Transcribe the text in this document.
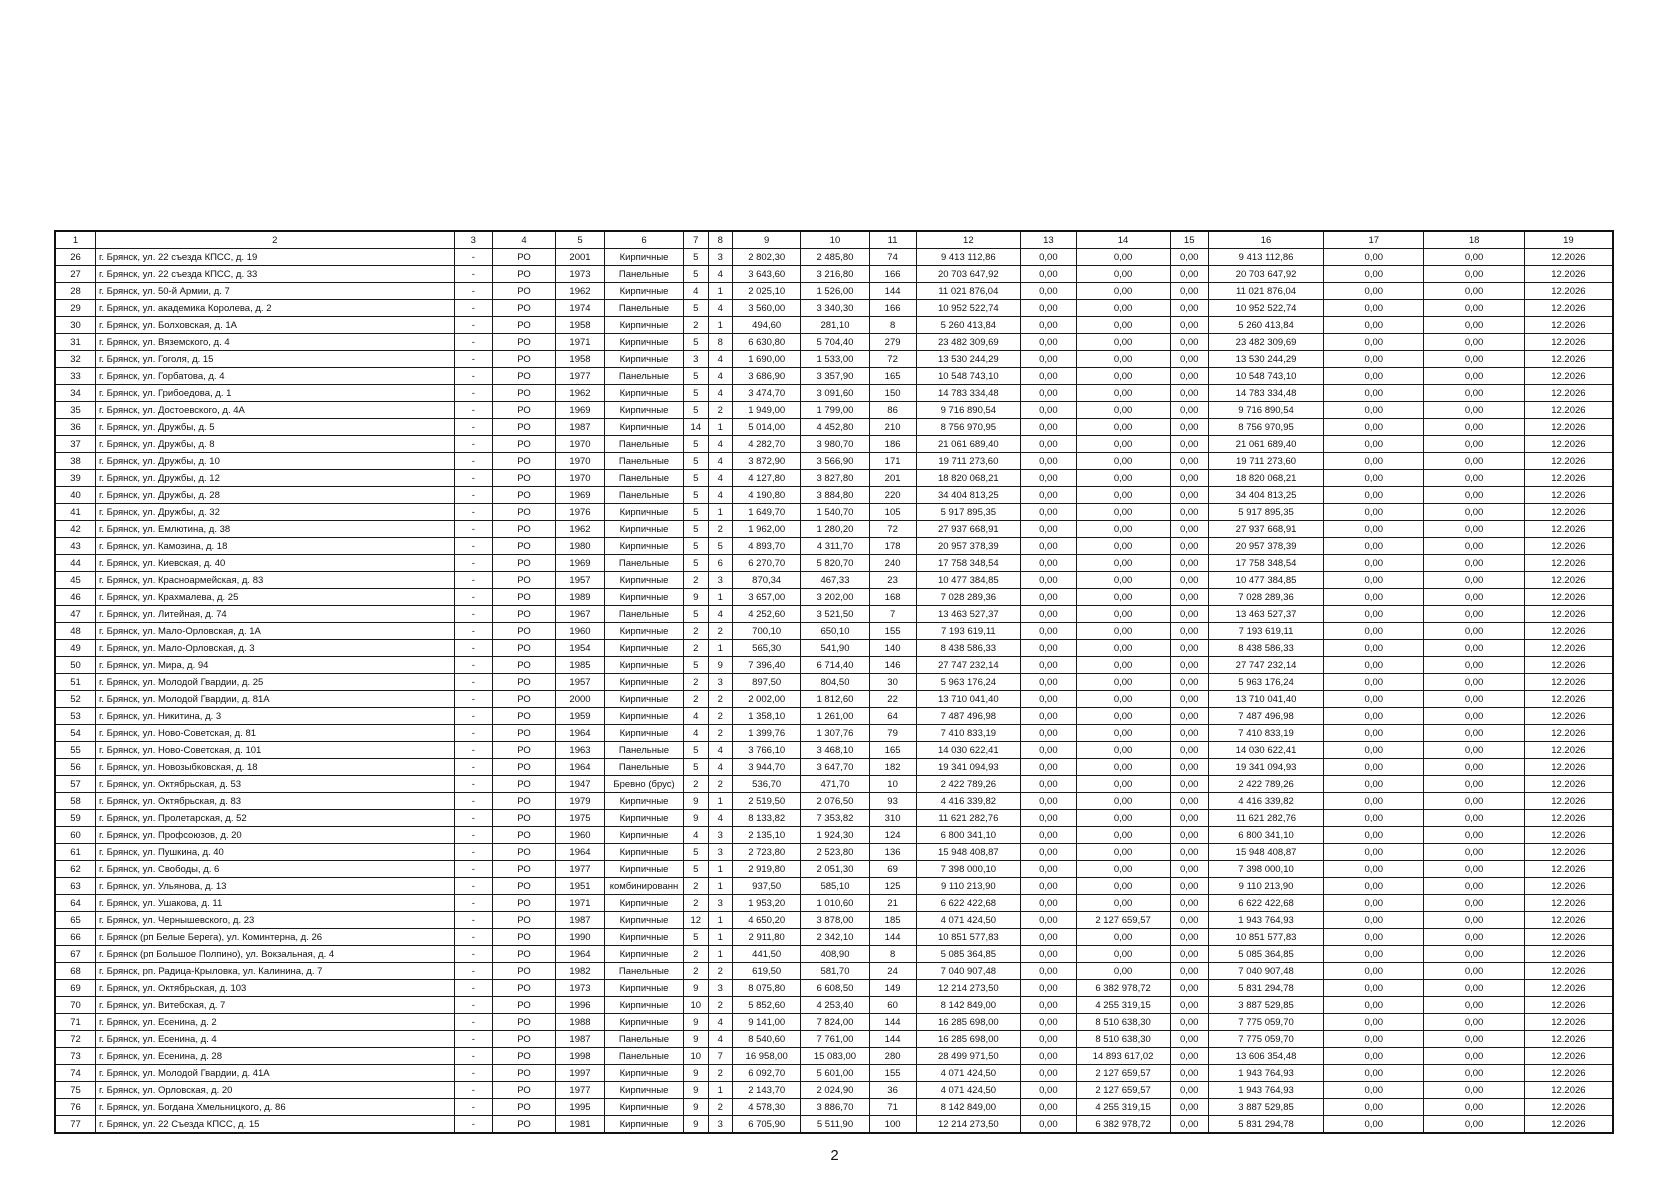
1	2	3	4	5	6	7	8	9	10	11	12	13	14	15	16	17	18	19
26	г. Брянск, ул. 22 съезда КПСС, д. 19	-	РО	2001	Кирпичные	5	3	2 802,30	2 485,80	74	9 413 112,86	0,00	0,00	0,00	9 413 112,86	0,00	0,00	12.2026
27	г. Брянск, ул. 22 съезда КПСС, д. 33	-	РО	1973	Панельные	5	4	3 643,60	3 216,80	166	20 703 647,92	0,00	0,00	0,00	20 703 647,92	0,00	0,00	12.2026
28	г. Брянск, ул. 50-й Армии, д. 7	-	РО	1962	Кирпичные	4	1	2 025,10	1 526,00	144	11 021 876,04	0,00	0,00	0,00	11 021 876,04	0,00	0,00	12.2026
29	г. Брянск, ул. академика Королева, д. 2	-	РО	1974	Панельные	5	4	3 560,00	3 340,30	166	10 952 522,74	0,00	0,00	0,00	10 952 522,74	0,00	0,00	12.2026
30	г. Брянск, ул. Болховская, д. 1А	-	РО	1958	Кирпичные	2	1	494,60	281,10	8	5 260 413,84	0,00	0,00	0,00	5 260 413,84	0,00	0,00	12.2026
31	г. Брянск, ул. Вяземского, д. 4	-	РО	1971	Кирпичные	5	8	6 630,80	5 704,40	279	23 482 309,69	0,00	0,00	0,00	23 482 309,69	0,00	0,00	12.2026
32	г. Брянск, ул. Гоголя, д. 15	-	РО	1958	Кирпичные	3	4	1 690,00	1 533,00	72	13 530 244,29	0,00	0,00	0,00	13 530 244,29	0,00	0,00	12.2026
33	г. Брянск, ул. Горбатова, д. 4	-	РО	1977	Панельные	5	4	3 686,90	3 357,90	165	10 548 743,10	0,00	0,00	0,00	10 548 743,10	0,00	0,00	12.2026
34	г. Брянск, ул. Грибоедова, д. 1	-	РО	1962	Кирпичные	5	4	3 474,70	3 091,60	150	14 783 334,48	0,00	0,00	0,00	14 783 334,48	0,00	0,00	12.2026
35	г. Брянск, ул. Достоевского, д. 4А	-	РО	1969	Кирпичные	5	2	1 949,00	1 799,00	86	9 716 890,54	0,00	0,00	0,00	9 716 890,54	0,00	0,00	12.2026
36	г. Брянск, ул. Дружбы, д. 5	-	РО	1987	Кирпичные	14	1	5 014,00	4 452,80	210	8 756 970,95	0,00	0,00	0,00	8 756 970,95	0,00	0,00	12.2026
37	г. Брянск, ул. Дружбы, д. 8	-	РО	1970	Панельные	5	4	4 282,70	3 980,70	186	21 061 689,40	0,00	0,00	0,00	21 061 689,40	0,00	0,00	12.2026
38	г. Брянск, ул. Дружбы, д. 10	-	РО	1970	Панельные	5	4	3 872,90	3 566,90	171	19 711 273,60	0,00	0,00	0,00	19 711 273,60	0,00	0,00	12.2026
39	г. Брянск, ул. Дружбы, д. 12	-	РО	1970	Панельные	5	4	4 127,80	3 827,80	201	18 820 068,21	0,00	0,00	0,00	18 820 068,21	0,00	0,00	12.2026
40	г. Брянск, ул. Дружбы, д. 28	-	РО	1969	Панельные	5	4	4 190,80	3 884,80	220	34 404 813,25	0,00	0,00	0,00	34 404 813,25	0,00	0,00	12.2026
41	г. Брянск, ул. Дружбы, д. 32	-	РО	1976	Кирпичные	5	1	1 649,70	1 540,70	105	5 917 895,35	0,00	0,00	0,00	5 917 895,35	0,00	0,00	12.2026
42	г. Брянск, ул. Емлютина, д. 38	-	РО	1962	Кирпичные	5	2	1 962,00	1 280,20	72	27 937 668,91	0,00	0,00	0,00	27 937 668,91	0,00	0,00	12.2026
43	г. Брянск, ул. Камозина, д. 18	-	РО	1980	Кирпичные	5	5	4 893,70	4 311,70	178	20 957 378,39	0,00	0,00	0,00	20 957 378,39	0,00	0,00	12.2026
44	г. Брянск, ул. Киевская, д. 40	-	РО	1969	Панельные	5	6	6 270,70	5 820,70	240	17 758 348,54	0,00	0,00	0,00	17 758 348,54	0,00	0,00	12.2026
45	г. Брянск, ул. Красноармейская, д. 83	-	РО	1957	Кирпичные	2	3	870,34	467,33	23	10 477 384,85	0,00	0,00	0,00	10 477 384,85	0,00	0,00	12.2026
46	г. Брянск, ул. Крахмалева, д. 25	-	РО	1989	Кирпичные	9	1	3 657,00	3 202,00	168	7 028 289,36	0,00	0,00	0,00	7 028 289,36	0,00	0,00	12.2026
47	г. Брянск, ул. Литейная, д. 74	-	РО	1967	Панельные	5	4	4 252,60	3 521,50	7	13 463 527,37	0,00	0,00	0,00	13 463 527,37	0,00	0,00	12.2026
48	г. Брянск, ул. Мало-Орловская, д. 1А	-	РО	1960	Кирпичные	2	2	700,10	650,10	155	7 193 619,11	0,00	0,00	0,00	7 193 619,11	0,00	0,00	12.2026
49	г. Брянск, ул. Мало-Орловская, д. 3	-	РО	1954	Кирпичные	2	1	565,30	541,90	140	8 438 586,33	0,00	0,00	0,00	8 438 586,33	0,00	0,00	12.2026
50	г. Брянск, ул. Мира, д. 94	-	РО	1985	Кирпичные	5	9	7 396,40	6 714,40	146	27 747 232,14	0,00	0,00	0,00	27 747 232,14	0,00	0,00	12.2026
51	г. Брянск, ул. Молодой Гвардии, д. 25	-	РО	1957	Кирпичные	2	3	897,50	804,50	30	5 963 176,24	0,00	0,00	0,00	5 963 176,24	0,00	0,00	12.2026
52	г. Брянск, ул. Молодой Гвардии, д. 81А	-	РО	2000	Кирпичные	2	2	2 002,00	1 812,60	22	13 710 041,40	0,00	0,00	0,00	13 710 041,40	0,00	0,00	12.2026
53	г. Брянск, ул. Никитина, д. 3	-	РО	1959	Кирпичные	4	2	1 358,10	1 261,00	64	7 487 496,98	0,00	0,00	0,00	7 487 496,98	0,00	0,00	12.2026
54	г. Брянск, ул. Ново-Советская, д. 81	-	РО	1964	Кирпичные	4	2	1 399,76	1 307,76	79	7 410 833,19	0,00	0,00	0,00	7 410 833,19	0,00	0,00	12.2026
55	г. Брянск, ул. Ново-Советская, д. 101	-	РО	1963	Панельные	5	4	3 766,10	3 468,10	165	14 030 622,41	0,00	0,00	0,00	14 030 622,41	0,00	0,00	12.2026
56	г. Брянск, ул. Новозыбковская, д. 18	-	РО	1964	Панельные	5	4	3 944,70	3 647,70	182	19 341 094,93	0,00	0,00	0,00	19 341 094,93	0,00	0,00	12.2026
57	г. Брянск, ул. Октябрьская, д. 53	-	РО	1947	Бревно (брус)	2	2	536,70	471,70	10	2 422 789,26	0,00	0,00	0,00	2 422 789,26	0,00	0,00	12.2026
58	г. Брянск, ул. Октябрьская, д. 83	-	РО	1979	Кирпичные	9	1	2 519,50	2 076,50	93	4 416 339,82	0,00	0,00	0,00	4 416 339,82	0,00	0,00	12.2026
59	г. Брянск, ул. Пролетарская, д. 52	-	РО	1975	Кирпичные	9	4	8 133,82	7 353,82	310	11 621 282,76	0,00	0,00	0,00	11 621 282,76	0,00	0,00	12.2026
60	г. Брянск, ул. Профсоюзов, д. 20	-	РО	1960	Кирпичные	4	3	2 135,10	1 924,30	124	6 800 341,10	0,00	0,00	0,00	6 800 341,10	0,00	0,00	12.2026
61	г. Брянск, ул. Пушкина, д. 40	-	РО	1964	Кирпичные	5	3	2 723,80	2 523,80	136	15 948 408,87	0,00	0,00	0,00	15 948 408,87	0,00	0,00	12.2026
62	г. Брянск, ул. Свободы, д. 6	-	РО	1977	Кирпичные	5	1	2 919,80	2 051,30	69	7 398 000,10	0,00	0,00	0,00	7 398 000,10	0,00	0,00	12.2026
63	г. Брянск, ул. Ульянова, д. 13	-	РО	1951	комбинированн	2	1	937,50	585,10	125	9 110 213,90	0,00	0,00	0,00	9 110 213,90	0,00	0,00	12.2026
64	г. Брянск, ул. Ушакова, д. 11	-	РО	1971	Кирпичные	2	3	1 953,20	1 010,60	21	6 622 422,68	0,00	0,00	0,00	6 622 422,68	0,00	0,00	12.2026
65	г. Брянск, ул. Чернышевского, д. 23	-	РО	1987	Кирпичные	12	1	4 650,20	3 878,00	185	4 071 424,50	0,00	2 127 659,57	0,00	1 943 764,93	0,00	0,00	12.2026
66	г. Брянск (рп Белые Берега), ул. Коминтерна, д. 26	-	РО	1990	Кирпичные	5	1	2 911,80	2 342,10	144	10 851 577,83	0,00	0,00	0,00	10 851 577,83	0,00	0,00	12.2026
67	г. Брянск (рп Большое Полпино), ул. Вокзальная, д. 4	-	РО	1964	Кирпичные	2	1	441,50	408,90	8	5 085 364,85	0,00	0,00	0,00	5 085 364,85	0,00	0,00	12.2026
68	г. Брянск, рп. Радица-Крыловка, ул. Калинина, д. 7	-	РО	1982	Панельные	2	2	619,50	581,70	24	7 040 907,48	0,00	0,00	0,00	7 040 907,48	0,00	0,00	12.2026
69	г. Брянск, ул. Октябрьская, д. 103	-	РО	1973	Кирпичные	9	3	8 075,80	6 608,50	149	12 214 273,50	0,00	6 382 978,72	0,00	5 831 294,78	0,00	0,00	12.2026
70	г. Брянск, ул. Витебская, д. 7	-	РО	1996	Кирпичные	10	2	5 852,60	4 253,40	60	8 142 849,00	0,00	4 255 319,15	0,00	3 887 529,85	0,00	0,00	12.2026
71	г. Брянск, ул. Есенина, д. 2	-	РО	1988	Кирпичные	9	4	9 141,00	7 824,00	144	16 285 698,00	0,00	8 510 638,30	0,00	7 775 059,70	0,00	0,00	12.2026
72	г. Брянск, ул. Есенина, д. 4	-	РО	1987	Панельные	9	4	8 540,60	7 761,00	144	16 285 698,00	0,00	8 510 638,30	0,00	7 775 059,70	0,00	0,00	12.2026
73	г. Брянск, ул. Есенина, д. 28	-	РО	1998	Панельные	10	7	16 958,00	15 083,00	280	28 499 971,50	0,00	14 893 617,02	0,00	13 606 354,48	0,00	0,00	12.2026
74	г. Брянск, ул. Молодой Гвардии, д. 41А	-	РО	1997	Кирпичные	9	2	6 092,70	5 601,00	155	4 071 424,50	0,00	2 127 659,57	0,00	1 943 764,93	0,00	0,00	12.2026
75	г. Брянск, ул. Орловская, д. 20	-	РО	1977	Кирпичные	9	1	2 143,70	2 024,90	36	4 071 424,50	0,00	2 127 659,57	0,00	1 943 764,93	0,00	0,00	12.2026
76	г. Брянск, ул. Богдана Хмельницкого, д. 86	-	РО	1995	Кирпичные	9	2	4 578,30	3 886,70	71	8 142 849,00	0,00	4 255 319,15	0,00	3 887 529,85	0,00	0,00	12.2026
77	г. Брянск, ул. 22 Съезда КПСС, д. 15	-	РО	1981	Кирпичные	9	3	6 705,90	5 511,90	100	12 214 273,50	0,00	6 382 978,72	0,00	5 831 294,78	0,00	0,00	12.2026
2
